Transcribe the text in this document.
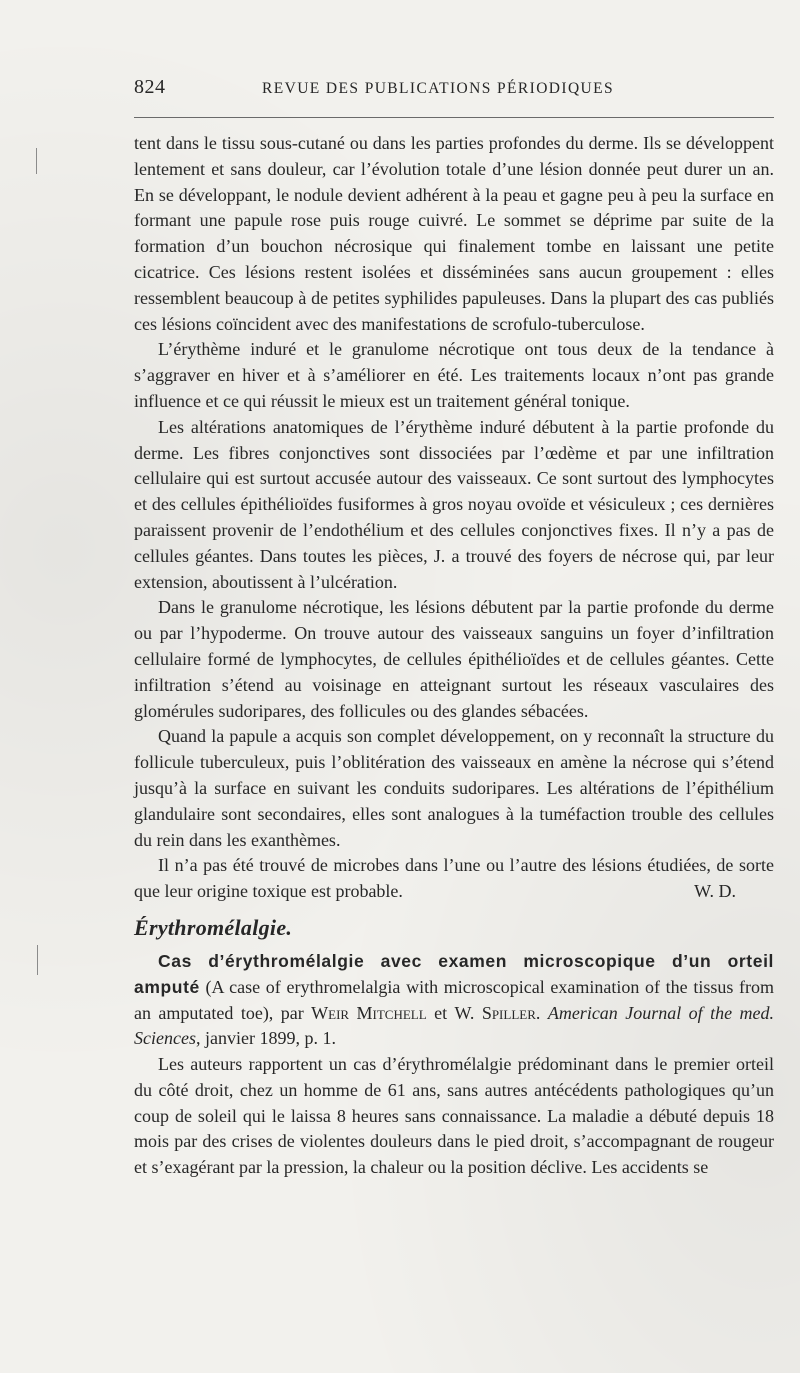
824	REVUE DES PUBLICATIONS PÉRIODIQUES

tent dans le tissu sous-cutané ou dans les parties profondes du derme. Ils se développent lentement et sans douleur, car l’évolution totale d’une lésion donnée peut durer un an. En se développant, le nodule devient adhérent à la peau et gagne peu à peu la surface en formant une papule rose puis rouge cuivré. Le sommet se déprime par suite de la formation d’un bouchon nécrosique qui finalement tombe en laissant une petite cicatrice. Ces lésions restent isolées et disséminées sans aucun groupement : elles ressemblent beaucoup à de petites syphilides papuleuses. Dans la plupart des cas publiés ces lésions coïncident avec des manifestations de scrofulo-tuberculose.

L’érythème induré et le granulome nécrotique ont tous deux de la tendance à s’aggraver en hiver et à s’améliorer en été. Les traitements locaux n’ont pas grande influence et ce qui réussit le mieux est un traitement général tonique.

Les altérations anatomiques de l’érythème induré débutent à la partie profonde du derme. Les fibres conjonctives sont dissociées par l’œdème et par une infiltration cellulaire qui est surtout accusée autour des vaisseaux. Ce sont surtout des lymphocytes et des cellules épithélioïdes fusiformes à gros noyau ovoïde et vésiculeux ; ces dernières paraissent provenir de l’endothélium et des cellules conjonctives fixes. Il n’y a pas de cellules géantes. Dans toutes les pièces, J. a trouvé des foyers de nécrose qui, par leur extension, aboutissent à l’ulcération.

Dans le granulome nécrotique, les lésions débutent par la partie profonde du derme ou par l’hypoderme. On trouve autour des vaisseaux sanguins un foyer d’infiltration cellulaire formé de lymphocytes, de cellules épithélioïdes et de cellules géantes. Cette infiltration s’étend au voisinage en atteignant surtout les réseaux vasculaires des glomérules sudoripares, des follicules ou des glandes sébacées.

Quand la papule a acquis son complet développement, on y reconnaît la structure du follicule tuberculeux, puis l’oblitération des vaisseaux en amène la nécrose qui s’étend jusqu’à la surface en suivant les conduits sudoripares. Les altérations de l’épithélium glandulaire sont secondaires, elles sont analogues à la tuméfaction trouble des cellules du rein dans les exanthèmes.

Il n’a pas été trouvé de microbes dans l’une ou l’autre des lésions étudiées, de sorte que leur origine toxique est probable.	W. D.

Érythromélalgie.

Cas d’érythromélalgie avec examen microscopique d’un orteil amputé (A case of erythromelalgia with microscopical examination of the tissus from an amputated toe), par Weir Mitchell et W. Spiller. American Journal of the med. Sciences, janvier 1899, p. 1.

Les auteurs rapportent un cas d’érythromélalgie prédominant dans le premier orteil du côté droit, chez un homme de 61 ans, sans autres antécédents pathologiques qu’un coup de soleil qui le laissa 8 heures sans connaissance. La maladie a débuté depuis 18 mois par des crises de violentes douleurs dans le pied droit, s’accompagnant de rougeur et s’exagérant par la pression, la chaleur ou la position déclive. Les accidents se
